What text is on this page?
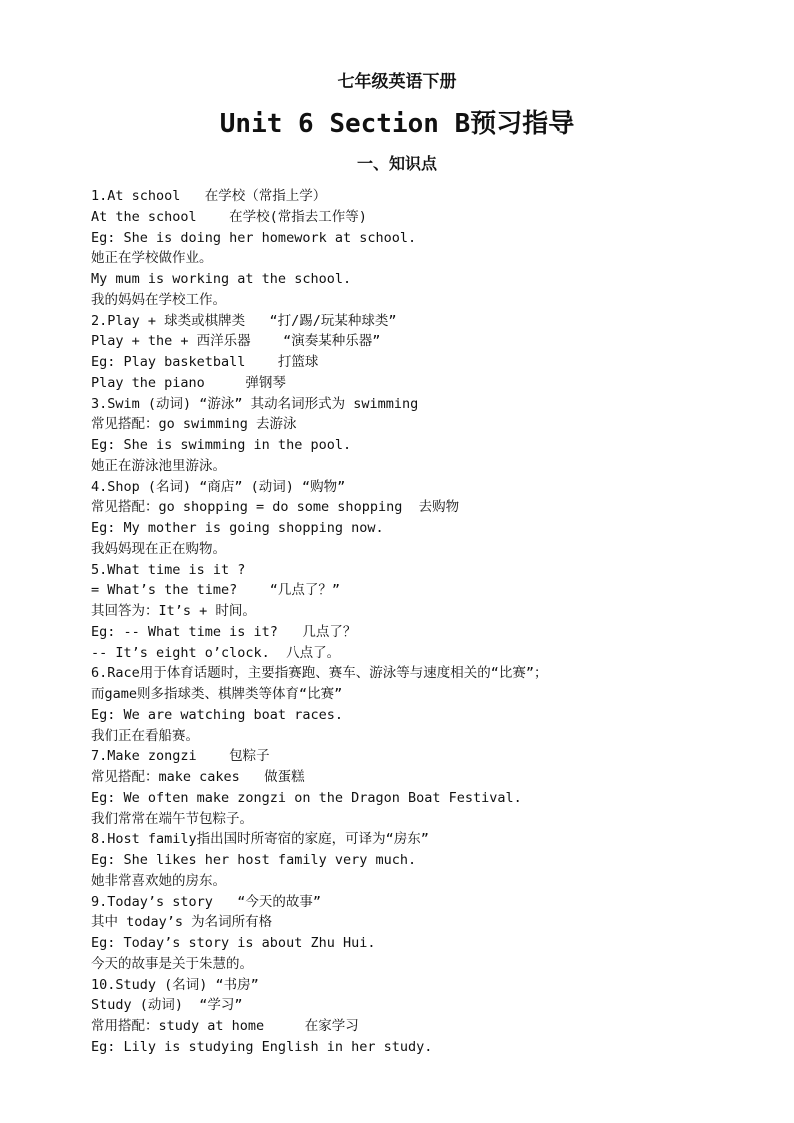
七年级英语下册
Unit 6 Section B预习指导
一、知识点
1.At school   在学校（常指上学）
At the school    在学校(常指去工作等)
Eg: She is doing her homework at school.
她正在学校做作业。
My mum is working at the school.
我的妈妈在学校工作。
2.Play + 球类或棋牌类   “打/踢/玩某种球类”
Play + the + 西洋乐器    “演奏某种乐器”
Eg: Play basketball    打篮球
Play the piano     弹钢琴
3.Swim (动词) “游泳” 其动名词形式为 swimming
常见搭配：go swimming 去游泳
Eg: She is swimming in the pool.
她正在游泳池里游泳。
4.Shop (名词) “商店” (动词) “购物”
常见搭配：go shopping = do some shopping  去购物
Eg: My mother is going shopping now.
我妈妈现在正在购物。
5.What time is it ?
= What’s the time?    “几点了？”
其回答为：It’s + 时间。
Eg: -- What time is it?   几点了？
-- It’s eight o’clock.  八点了。
6.Race用于体育话题时，主要指赛跑、赛车、游泳等与速度相关的“比赛”；
而game则多指球类、棋牌类等体育“比赛”
Eg: We are watching boat races.
我们正在看船赛。
7.Make zongzi    包粽子
常见搭配：make cakes   做蛋糕
Eg: We often make zongzi on the Dragon Boat Festival.
我们常常在端午节包粽子。
8.Host family指出国时所寄宿的家庭，可译为“房东”
Eg: She likes her host family very much.
她非常喜欢她的房东。
9.Today’s story   “今天的故事”
其中 today’s 为名词所有格
Eg: Today’s story is about Zhu Hui.
今天的故事是关于朱慧的。
10.Study (名词) “书房”
Study (动词)  “学习”
常用搭配：study at home     在家学习
Eg: Lily is studying English in her study.
